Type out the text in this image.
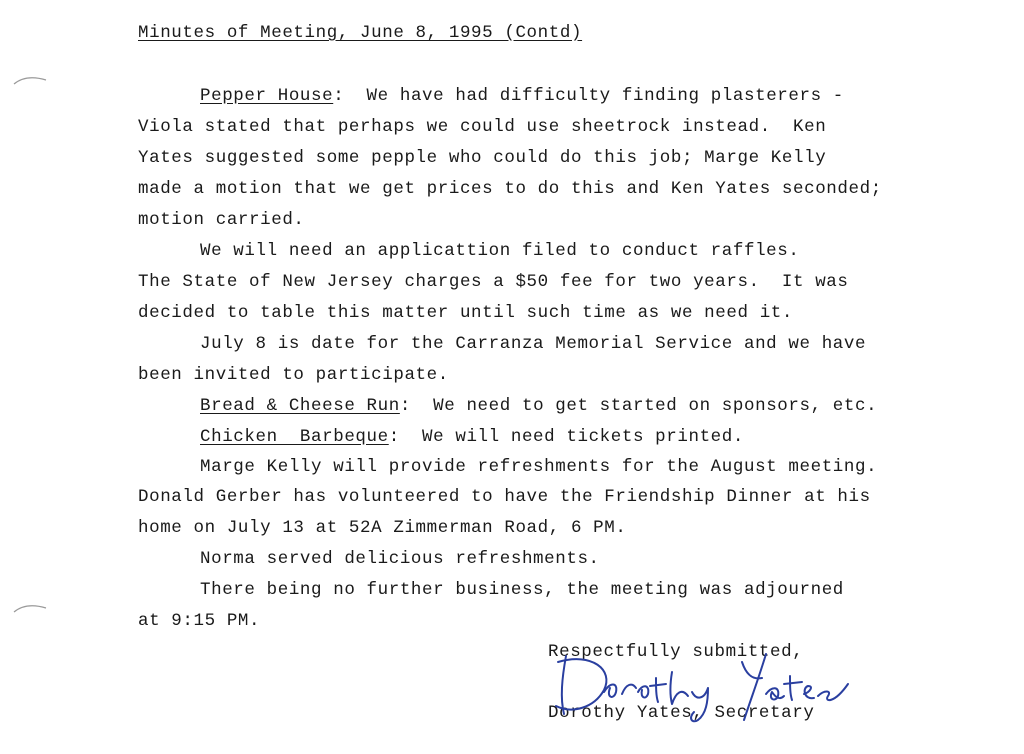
Minutes of Meeting, June 8, 1995 (Contd)
Pepper House:  We have had difficulty finding plasterers -
Viola stated that perhaps we could use sheetrock instead.  Ken
Yates suggested some pepple who could do this job; Marge Kelly
made a motion that we get prices to do this and Ken Yates seconded;
motion carried.
We will need an applicattion filed to conduct raffles.
The State of New Jersey charges a $50 fee for two years.  It was
decided to table this matter until such time as we need it.
July 8 is date for the Carranza Memorial Service and we have
been invited to participate.
Bread & Cheese Run:  We need to get started on sponsors, etc.
Chicken  Barbeque:  We will need tickets printed.
Marge Kelly will provide refreshments for the August meeting.
Donald Gerber has volunteered to have the Friendship Dinner at his
home on July 13 at 52A Zimmerman Road, 6 PM.
Norma served delicious refreshments.
There being no further business, the meeting was adjourned
at 9:15 PM.
Respectfully submitted,
Dorothy Yates, Secretary
